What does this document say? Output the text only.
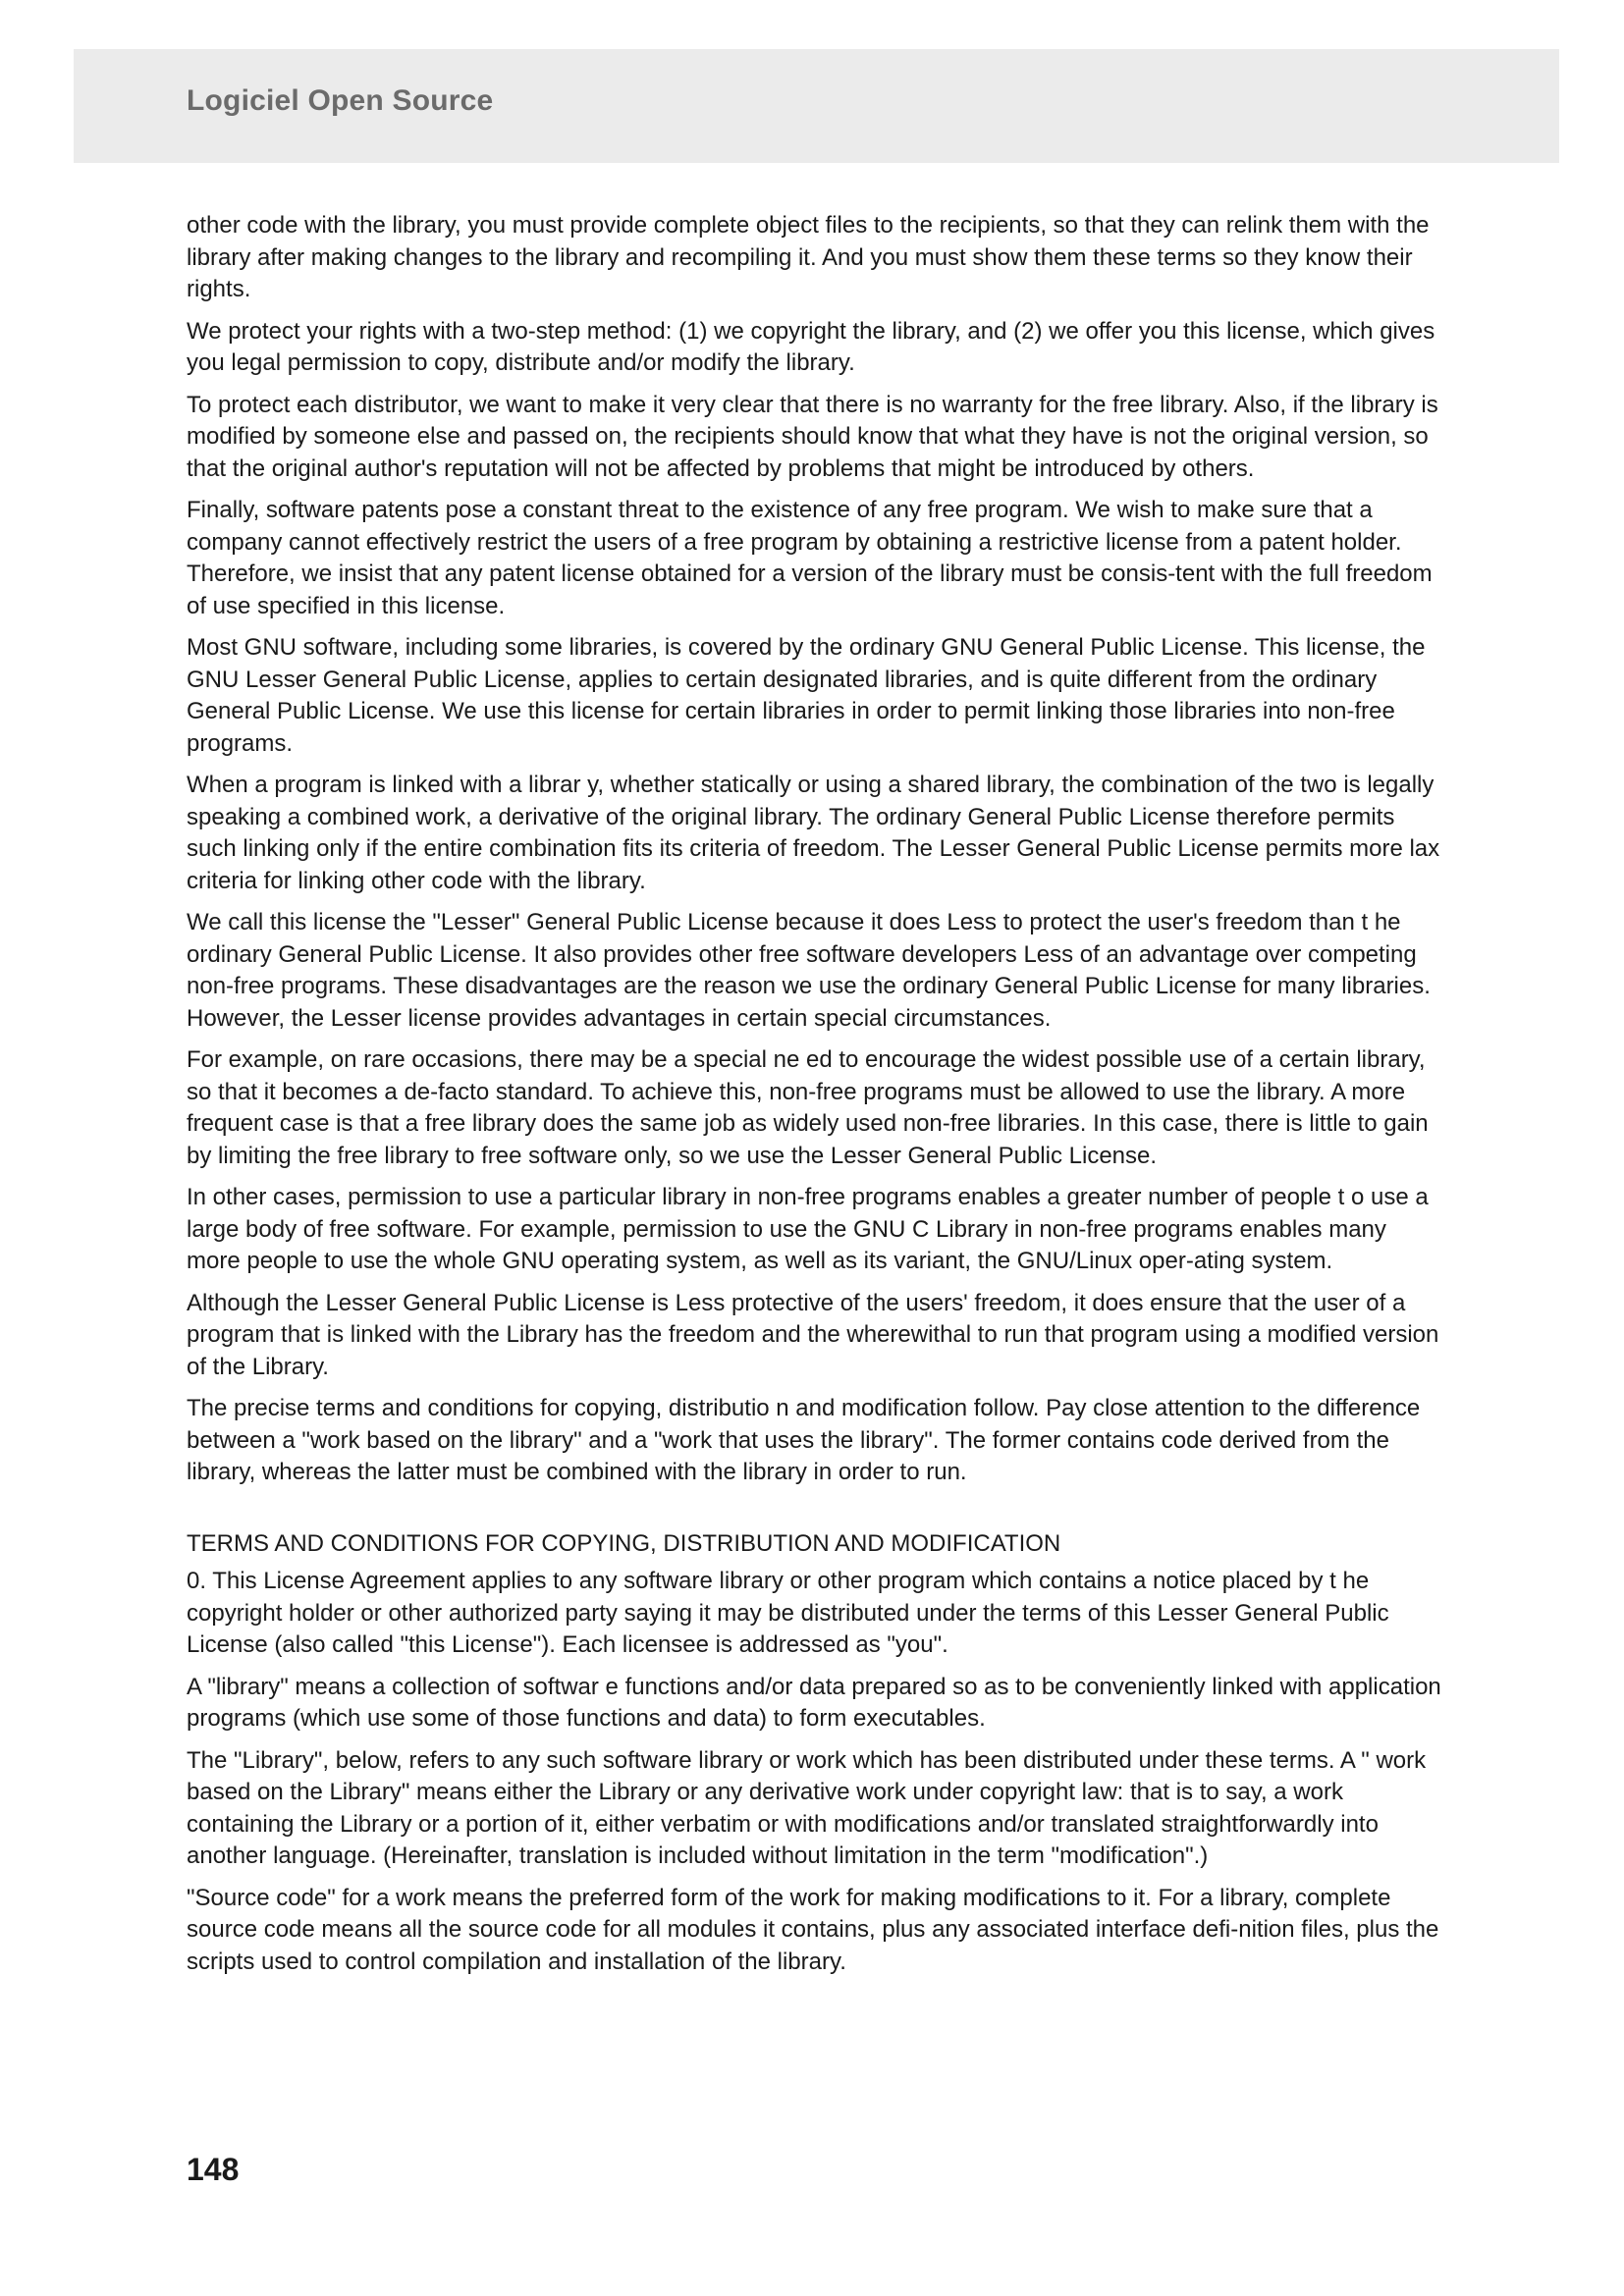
Logiciel Open Source

other code with the library, you must provide complete object files to the recipients, so that they can relink them with the library after making changes to the library and recompiling it. And you must show them these terms so they know their rights.

We protect your rights with a two-step method: (1) we copyright the library, and (2) we offer you this license, which gives you legal permission to copy, distribute and/or modify the library.

To protect each distributor, we want to make it very clear that there is no warranty for the free library. Also, if the library is modified by someone else and passed on, the recipients should know that what they have is not the original version, so that the original author's reputation will not be affected by problems that might be introduced by others.

Finally, software patents pose a constant threat to the existence of any free program. We wish to make sure that a company cannot effectively restrict the users of a free program by obtaining a restrictive license from a patent holder. Therefore, we insist that any patent license obtained for a version of the library must be consis-tent with the full freedom of use specified in this license.

Most GNU software, including some libraries, is covered by the ordinary GNU General Public License. This license, the GNU Lesser General Public License, applies to certain designated libraries, and is quite different from the ordinary General Public License. We use this license for certain libraries in order to permit linking those libraries into non-free programs.

When a program is linked with a librar y, whether statically or using a shared library, the combination of the two is legally speaking a combined work, a derivative of the original library. The ordinary General Public License therefore permits such linking only if the entire combination fits its criteria of freedom. The Lesser General Public License permits more lax criteria for linking other code with the library.

We call this license the "Lesser" General Public License because it does Less to protect the user's freedom than t he ordinary General Public License. It also provides other free software developers Less of an advantage over competing non-free programs. These disadvantages are the reason we use the ordinary General Public License for many libraries. However, the Lesser license provides advantages in certain special circumstances.

For example, on rare occasions, there may be a special ne ed to encourage the widest possible use of a certain library, so that it becomes a de-facto standard. To achieve this, non-free programs must be allowed to use the library. A more frequent case is that a free library does the same job as widely used non-free libraries. In this case, there is little to gain by limiting the free library to free software only, so we use the Lesser General Public License.

In other cases, permission to use a particular library in non-free programs enables a greater number of people t o use a large body of free software. For example, permission to use the GNU C Library in non-free programs enables many more people to use the whole GNU operating system, as well as its variant, the GNU/Linux oper-ating system.

Although the Lesser General Public License is Less protective of the users' freedom, it does ensure that the user of a program that is linked with the Library has the freedom and the wherewithal to run that program using a modified version of the Library.

The precise terms and conditions for copying, distributio n and modification follow. Pay close attention to the difference between a "work based on the library" and a "work that uses the library". The former contains code derived from the library, whereas the latter must be combined with the library in order to run.

TERMS AND CONDITIONS FOR COPYING, DISTRIBUTION AND MODIFICATION

0. This License Agreement applies to any software library or other program which contains a notice placed by t he copyright holder or other authorized party saying it may be distributed under the terms of this Lesser General Public License (also called "this License"). Each licensee is addressed as "you".

A "library" means a collection of softwar e functions and/or data prepared so as to be conveniently linked with application programs (which use some of those functions and data) to form executables.

The "Library", below, refers to any such software library or work which has been distributed under these terms. A " work based on the Library" means either the Library or any derivative work under copyright law: that is to say, a work containing the Library or a portion of it, either verbatim or with modifications and/or translated straightforwardly into another language. (Hereinafter, translation is included without limitation in the term "modification".)

"Source code" for a work means the preferred form of the work for making modifications to it. For a library, complete source code means all the source code for all modules it contains, plus any associated interface defi-nition files, plus the scripts used to control compilation and installation of the library.

148
